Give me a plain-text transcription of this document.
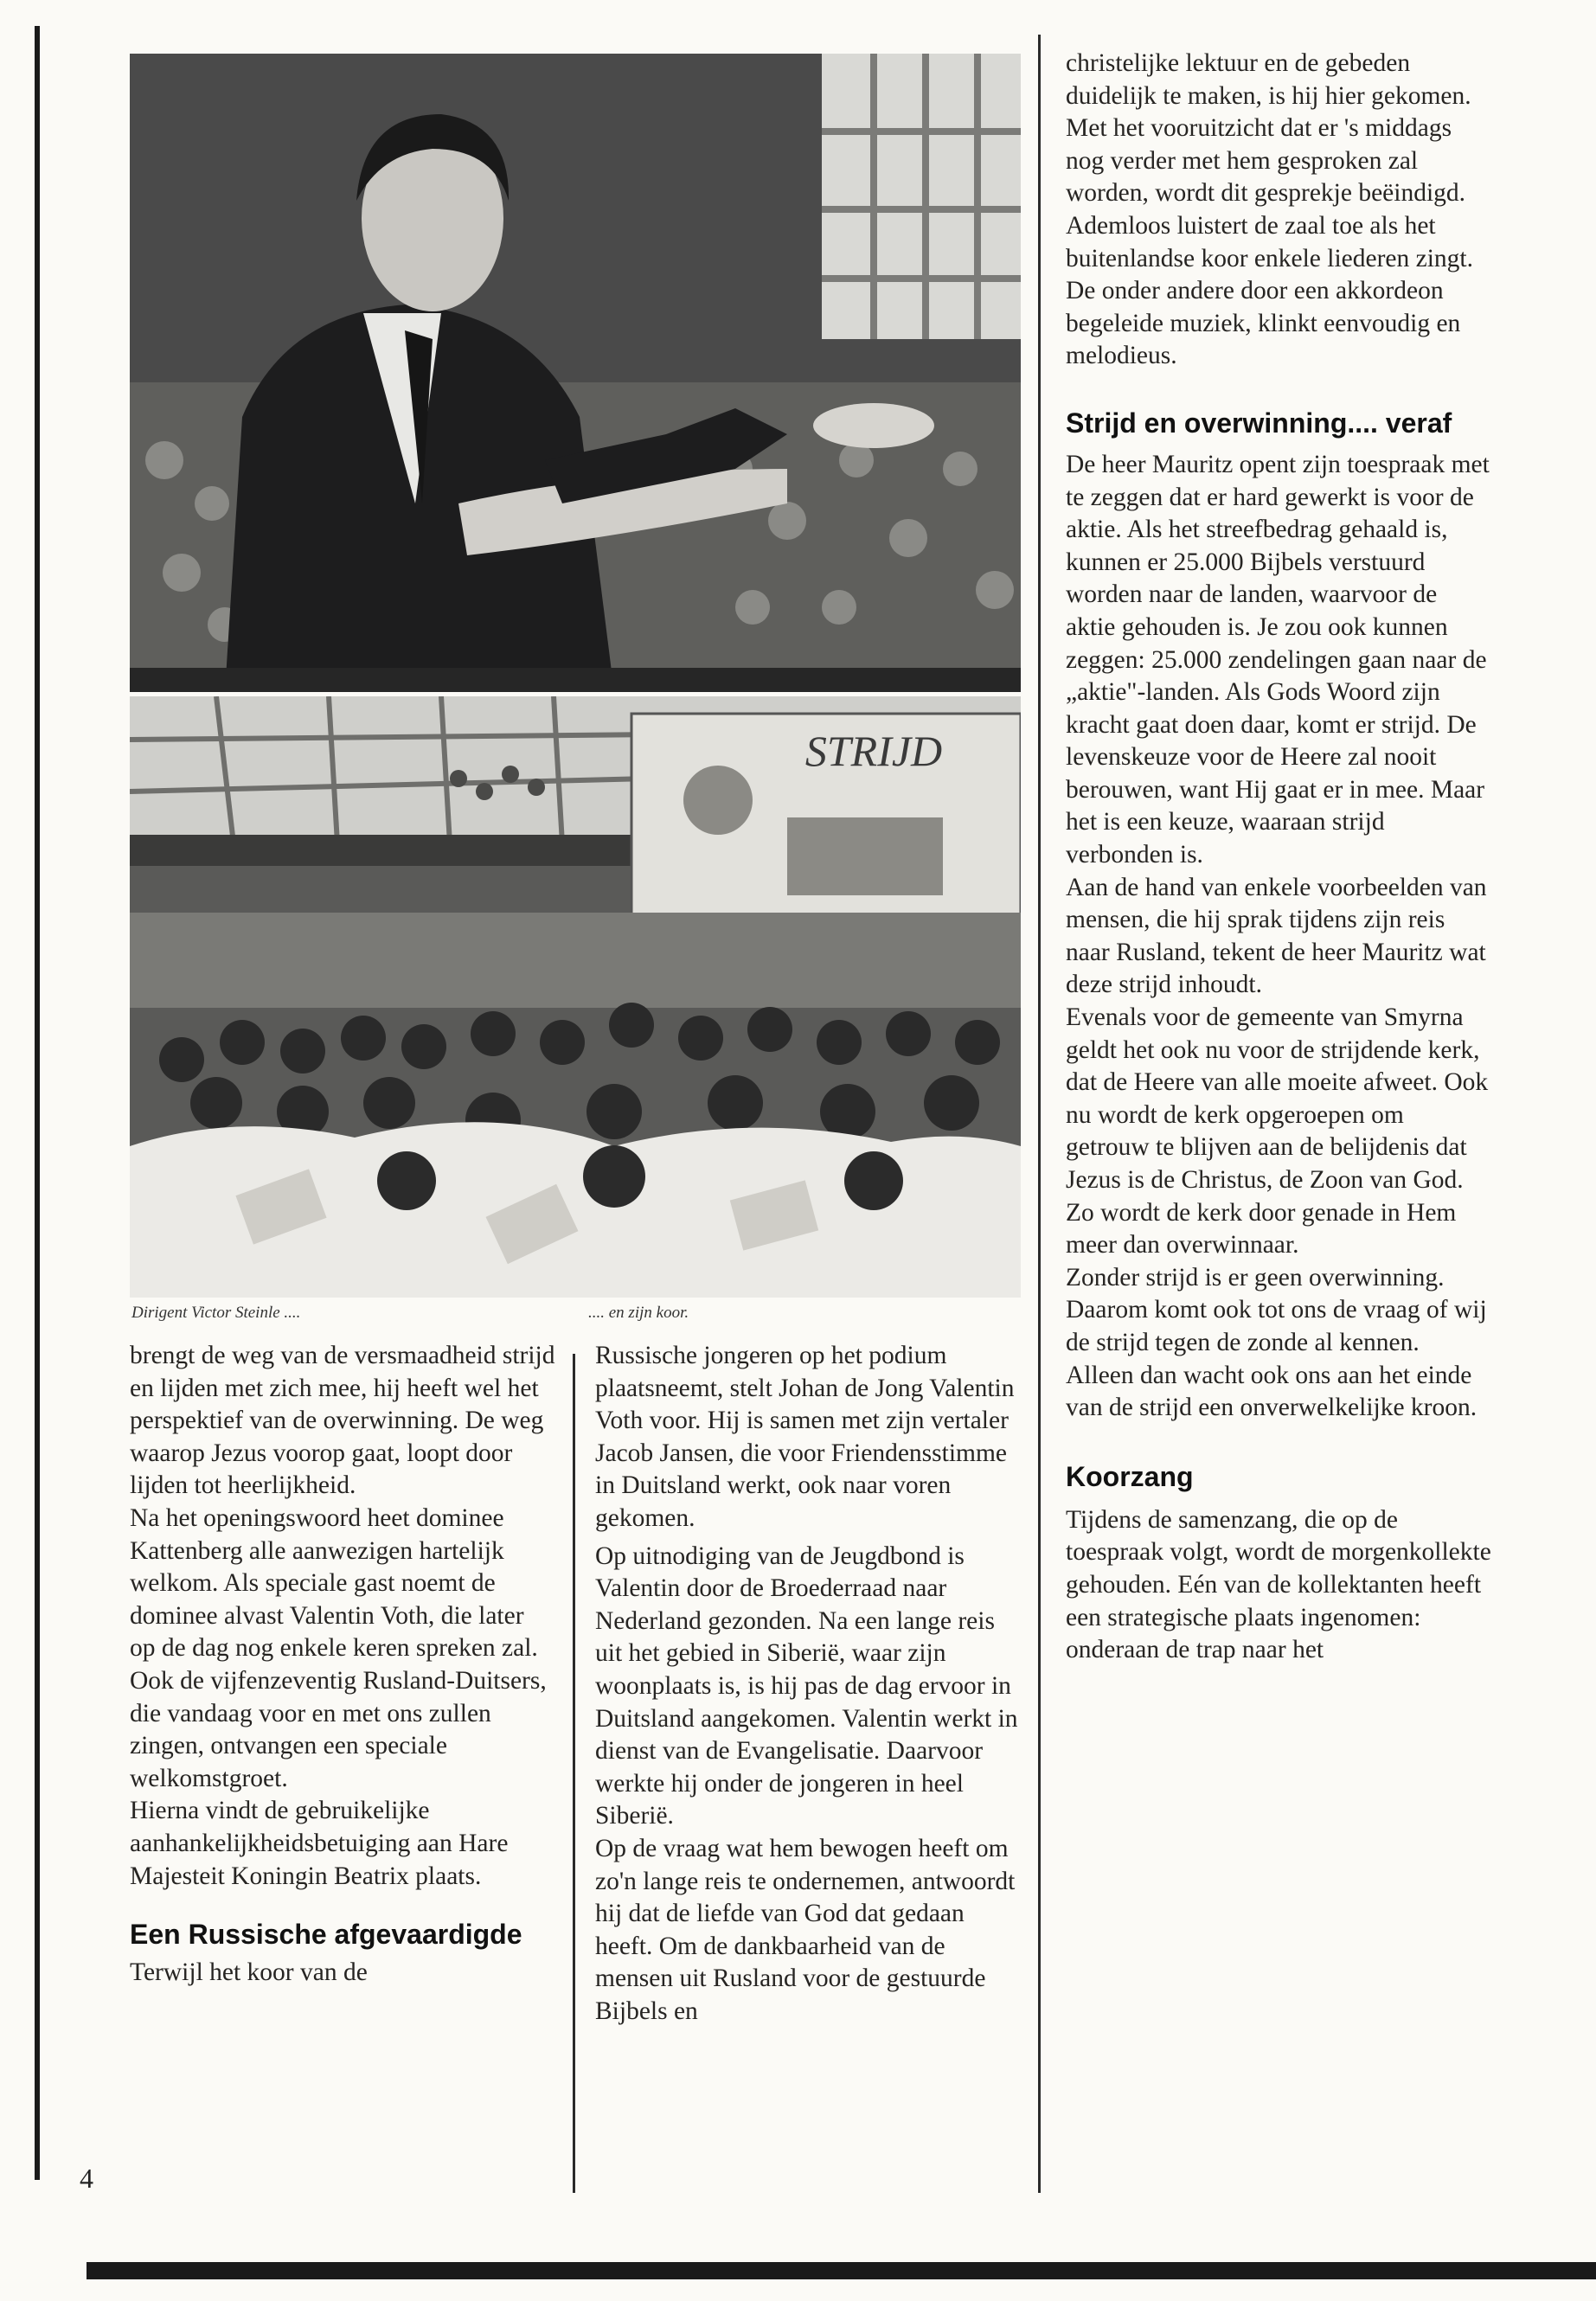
STRIJD
Dirigent Victor Steinle ....	.... en zijn koor.

brengt de weg van de versmaadheid strijd en lijden met zich mee, hij heeft wel het perspektief van de overwinning. De weg waarop Jezus voorop gaat, loopt door lijden tot heerlijkheid.

Na het openingswoord heet dominee Kattenberg alle aanwezigen hartelijk welkom. Als speciale gast noemt de dominee alvast Valentin Voth, die later op de dag nog enkele keren spreken zal. Ook de vijfenzeventig Rusland-Duitsers, die vandaag voor en met ons zullen zingen, ontvangen een speciale welkomstgroet.

Hierna vindt de gebruikelijke aanhankelijkheidsbetuiging aan Hare Majesteit Koningin Beatrix plaats.

Een Russische afgevaardigde

Terwijl het koor van de

4

Russische jongeren op het podium plaatsneemt, stelt Johan de Jong Valentin Voth voor. Hij is samen met zijn vertaler Jacob Jansen, die voor Friendensstimme in Duitsland werkt, ook naar voren gekomen.

Op uitnodiging van de Jeugdbond is Valentin door de Broederraad naar Nederland gezonden. Na een lange reis uit het gebied in Siberië, waar zijn woonplaats is, is hij pas de dag ervoor in Duitsland aangekomen. Valentin werkt in dienst van de Evangelisatie. Daarvoor werkte hij onder de jongeren in heel Siberië.

Op de vraag wat hem bewogen heeft om zo'n lange reis te ondernemen, antwoordt hij dat de liefde van God dat gedaan heeft. Om de dankbaarheid van de mensen uit Rusland voor de gestuurde Bijbels en

christelijke lektuur en de gebeden duidelijk te maken, is hij hier gekomen. Met het vooruitzicht dat er 's middags nog verder met hem gesproken zal worden, wordt dit gesprekje beëindigd.

Ademloos luistert de zaal toe als het buitenlandse koor enkele liederen zingt. De onder andere door een akkordeon begeleide muziek, klinkt eenvoudig en melodieus.

Strijd en overwinning.... veraf

De heer Mauritz opent zijn toespraak met te zeggen dat er hard gewerkt is voor de aktie. Als het streefbedrag gehaald is, kunnen er 25.000 Bijbels verstuurd worden naar de landen, waarvoor de aktie gehouden is. Je zou ook kunnen zeggen: 25.000 zendelingen gaan naar de „aktie"-landen. Als Gods Woord zijn kracht gaat doen daar, komt er strijd. De levenskeuze voor de Heere zal nooit berouwen, want Hij gaat er in mee. Maar het is een keuze, waaraan strijd verbonden is.

Aan de hand van enkele voorbeelden van mensen, die hij sprak tijdens zijn reis naar Rusland, tekent de heer Mauritz wat deze strijd inhoudt.

Evenals voor de gemeente van Smyrna geldt het ook nu voor de strijdende kerk, dat de Heere van alle moeite afweet. Ook nu wordt de kerk opgeroepen om getrouw te blijven aan de belijdenis dat Jezus is de Christus, de Zoon van God. Zo wordt de kerk door genade in Hem meer dan overwinnaar.

Zonder strijd is er geen overwinning. Daarom komt ook tot ons de vraag of wij de strijd tegen de zonde al kennen. Alleen dan wacht ook ons aan het einde van de strijd een onverwelkelijke kroon.

Koorzang

Tijdens de samenzang, die op de toespraak volgt, wordt de morgenkollekte gehouden. Eén van de kollektanten heeft een strategische plaats ingenomen: onderaan de trap naar het
